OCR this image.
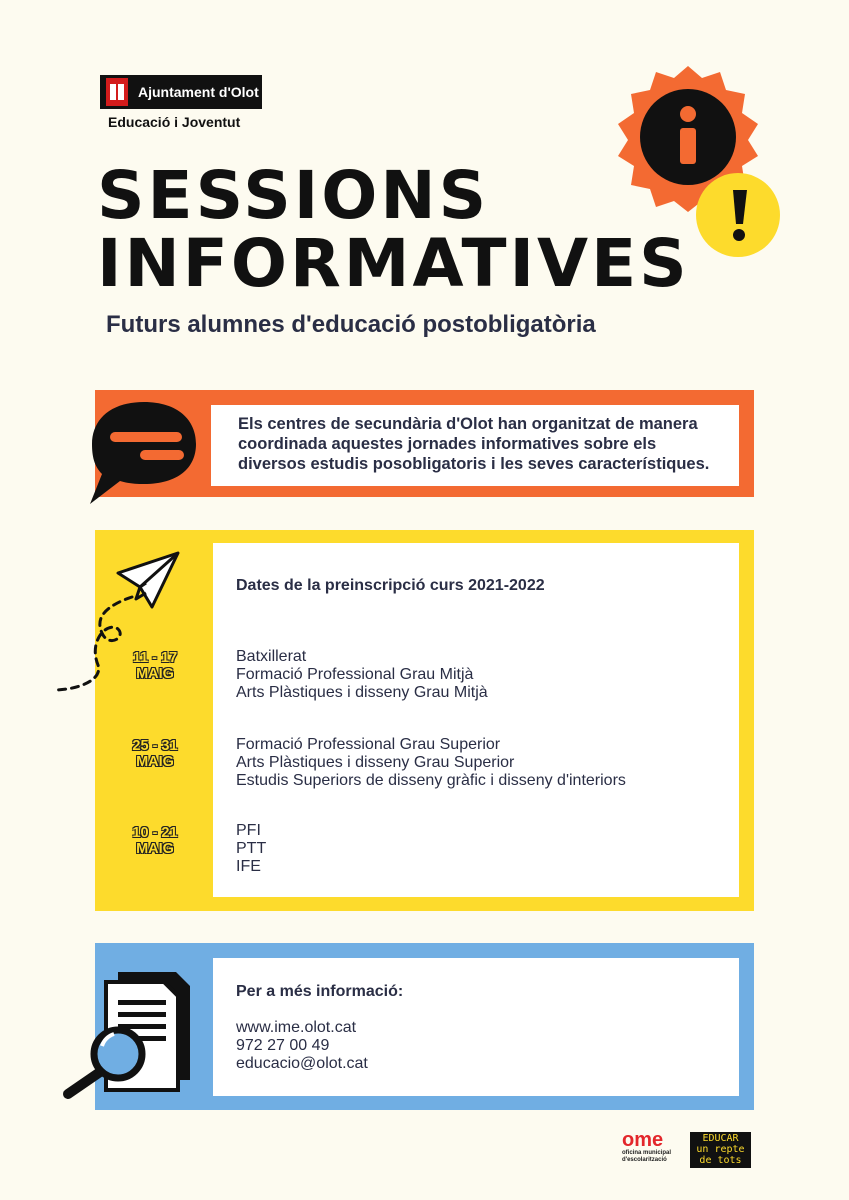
Ajuntament d'Olot
Educació i Joventut
SESSIONS
INFORMATIVES
Futurs alumnes d'educació postobligatòria
Els centres de secundària d'Olot han organitzat de manera coordinada aquestes jornades informatives sobre els diversos estudis posobligatoris i les seves característiques.
Dates de la preinscripció curs 2021-2022
11 - 17
MAIG
Batxillerat
Formació Professional Grau Mitjà
Arts Plàstiques i disseny Grau Mitjà
25 - 31
MAIG
Formació Professional Grau Superior
Arts Plàstiques i disseny Grau Superior
Estudis Superiors de disseny gràfic i disseny d'interiors
10 - 21
MAIG
PFI
PTT
IFE
Per a més informació:
www.ime.olot.cat
972 27 00 49
educacio@olot.cat
ome
oficina municipal
d'escolarització
EDUCAR
un repte
de tots
